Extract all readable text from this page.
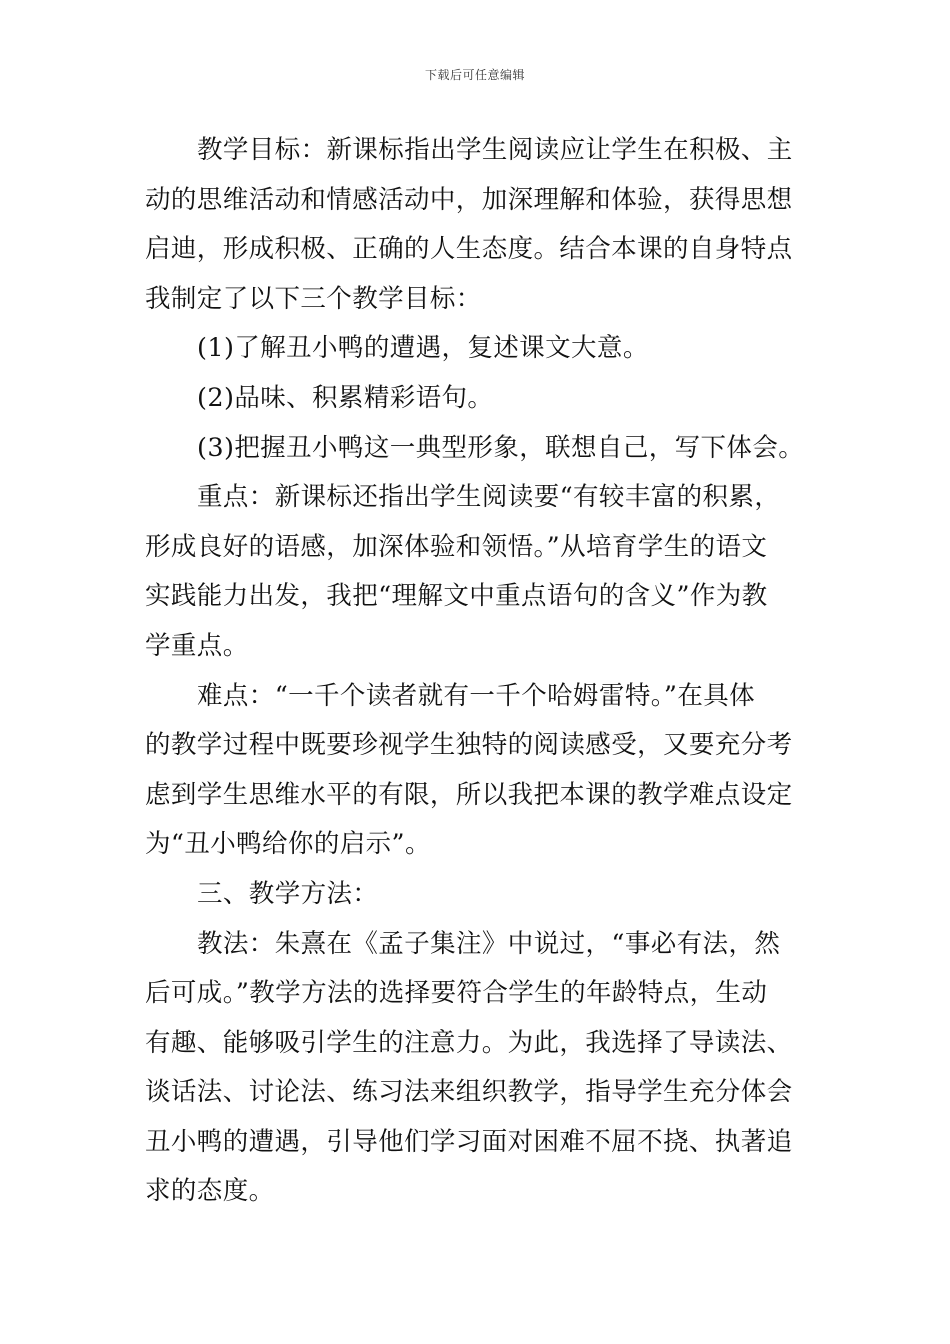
下载后可任意编辑
教学目标：新课标指出学生阅读应让学生在积极、主
动的思维活动和情感活动中，加深理解和体验，获得思想
启迪，形成积极、正确的人生态度。结合本课的自身特点
我制定了以下三个教学目标：
(1)了解丑小鸭的遭遇，复述课文大意。
(2)品味、积累精彩语句。
(3)把握丑小鸭这一典型形象，联想自己，写下体会。
重点：新课标还指出学生阅读要“有较丰富的积累，
形成良好的语感，加深体验和领悟。”从培育学生的语文
实践能力出发，我把“理解文中重点语句的含义”作为教
学重点。
难点：“一千个读者就有一千个哈姆雷特。”在具体
的教学过程中既要珍视学生独特的阅读感受，又要充分考
虑到学生思维水平的有限，所以我把本课的教学难点设定
为“丑小鸭给你的启示”。
三、教学方法：
教法：朱熹在《孟子集注》中说过，“事必有法，然
后可成。”教学方法的选择要符合学生的年龄特点，生动
有趣、能够吸引学生的注意力。为此，我选择了导读法、
谈话法、讨论法、练习法来组织教学，指导学生充分体会
丑小鸭的遭遇，引导他们学习面对困难不屈不挠、执著追
求的态度。
